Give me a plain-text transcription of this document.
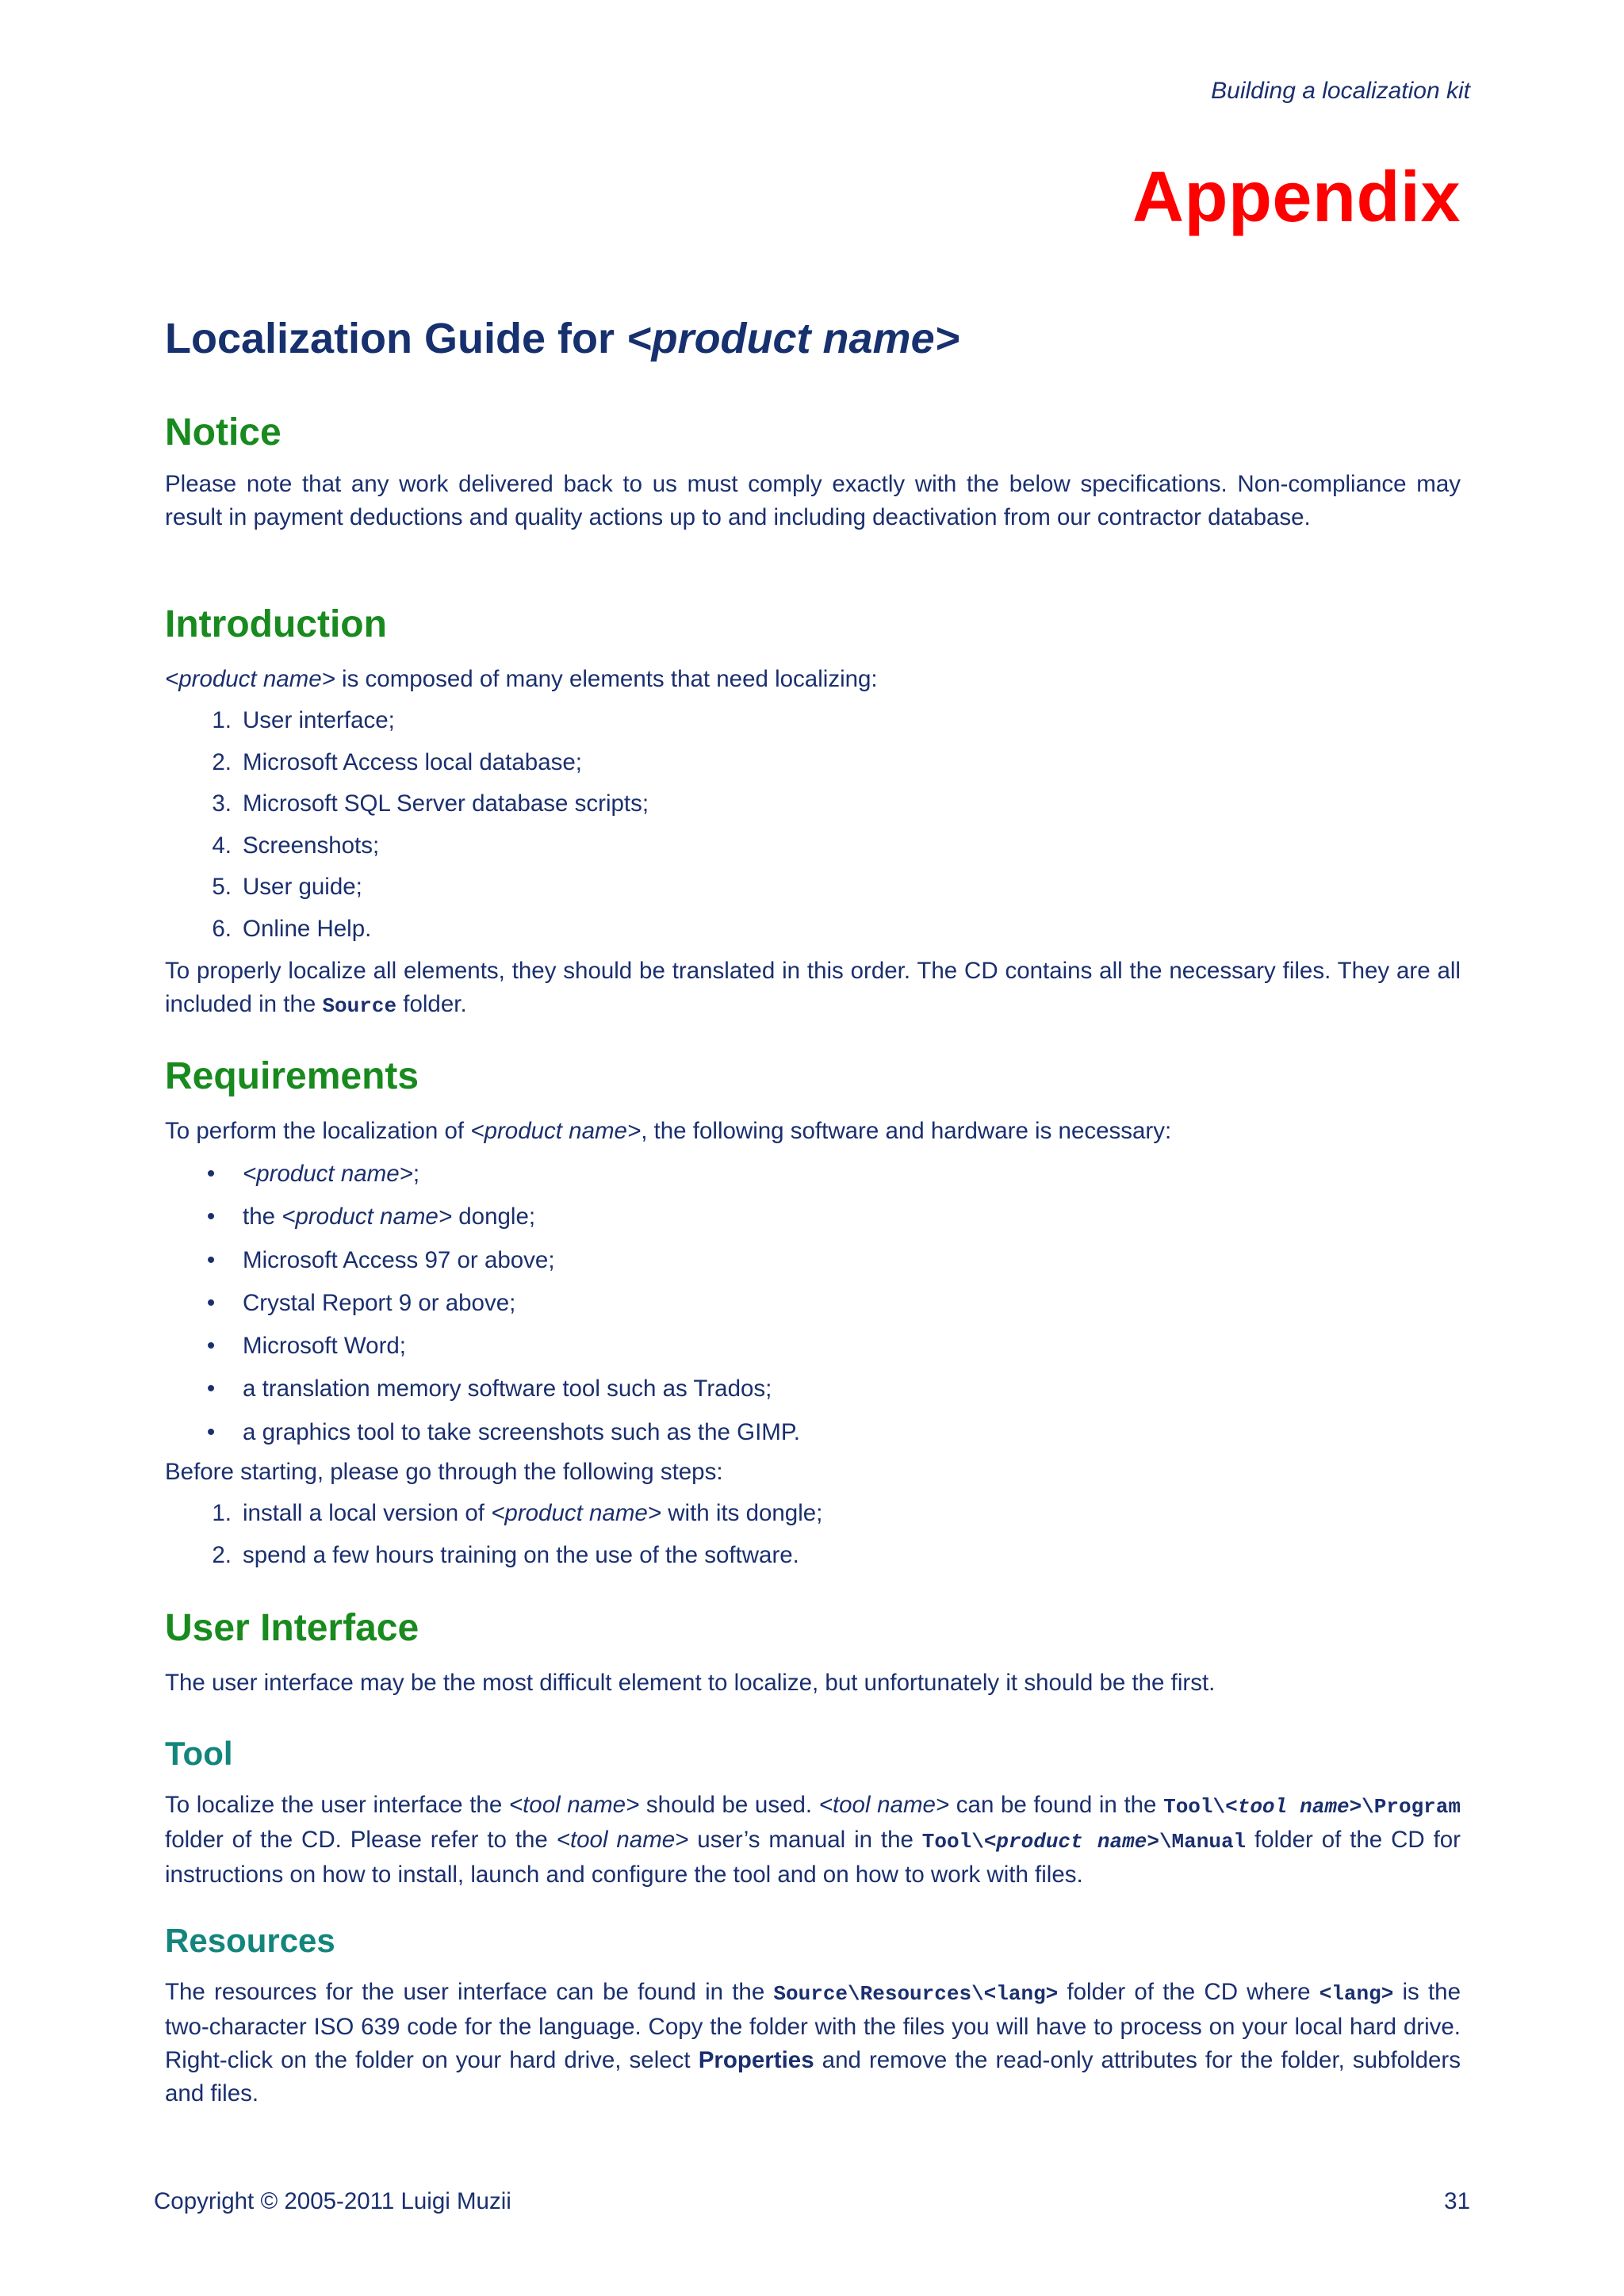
Building a localization kit
Appendix
Localization Guide for <product name>
Notice

Please note that any work delivered back to us must comply exactly with the below specifications. Non-compliance may result in payment deductions and quality actions up to and including deactivation from our contractor database.

Introduction

<product name> is composed of many elements that need localizing:

1. User interface;
2. Microsoft Access local database;
3. Microsoft SQL Server database scripts;
4. Screenshots;
5. User guide;
6. Online Help.

To properly localize all elements, they should be translated in this order. The CD contains all the necessary files. They are all included in the Source folder.

Requirements

To perform the localization of <product name>, the following software and hardware is necessary:

• <product name>;
• the <product name> dongle;
• Microsoft Access 97 or above;
• Crystal Report 9 or above;
• Microsoft Word;
• a translation memory software tool such as Trados;
• a graphics tool to take screenshots such as the GIMP.

Before starting, please go through the following steps:

1. install a local version of <product name> with its dongle;
2. spend a few hours training on the use of the software.
User Interface

The user interface may be the most difficult element to localize, but unfortunately it should be the first.

Tool

To localize the user interface the <tool name> should be used. <tool name> can be found in the Tool\<tool name>\Program folder of the CD. Please refer to the <tool name> user’s manual in the Tool\<product name>\Manual folder of the CD for instructions on how to install, launch and configure the tool and on how to work with files.

Resources

The resources for the user interface can be found in the Source\Resources\<lang> folder of the CD where <lang> is the two-character ISO 639 code for the language. Copy the folder with the files you will have to process on your local hard drive. Right-click on the folder on your hard drive, select Properties and remove the read-only attributes for the folder, subfolders and files.

Copyright © 2005-2011 Luigi Muzii	31
